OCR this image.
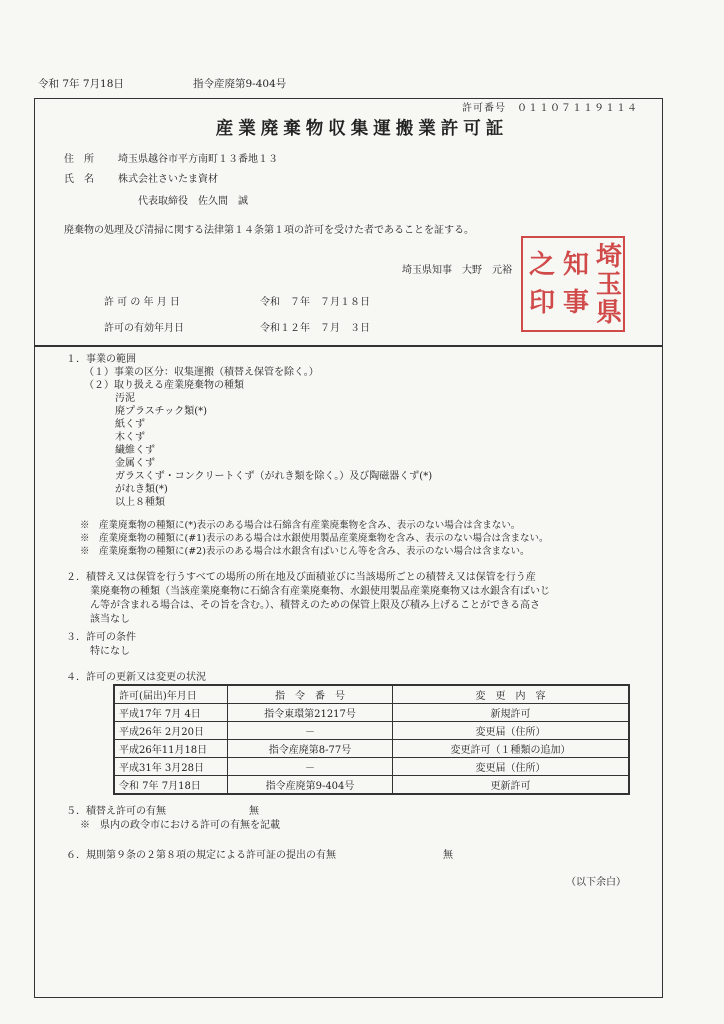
令和 7年 7月18日	指令産廃第9-404号
許可番号　０１１０７１１９１１４
産業廃棄物収集運搬業許可証
住　所 埼玉県越谷市平方南町１３番地１３
氏　名 株式会社さいたま資材
代表取締役　佐久間　誠
廃棄物の処理及び清掃に関する法律第１４条第１項の許可を受けた者であることを証する。
埼玉県知事　大野　元裕	埼
玉
県
知
事
之
印
許 可 の 年 月 日	令和　７年　７月１８日
許可の有効年月日	令和１２年　７月　３日
１．事業の範囲
（１）事業の区分：収集運搬（積替え保管を除く。）
（２）取り扱える産業廃棄物の種類
汚泥
廃プラスチック類(*)
紙くず
木くず
繊維くず
金属くず
ガラスくず・コンクリートくず（がれき類を除く。）及び陶磁器くず(*)
がれき類(*)
以上８種類
※　産業廃棄物の種類に(*)表示のある場合は石綿含有産業廃棄物を含み、表示のない場合は含まない。
※　産業廃棄物の種類に(#1)表示のある場合は水銀使用製品産業廃棄物を含み、表示のない場合は含まない。
※　産業廃棄物の種類に(#2)表示のある場合は水銀含有ばいじん等を含み、表示のない場合は含まない。
２．積替え又は保管を行うすべての場所の所在地及び面積並びに当該場所ごとの積替え又は保管を行う産
業廃棄物の種類（当該産業廃棄物に石綿含有産業廃棄物、水銀使用製品産業廃棄物又は水銀含有ばいじ
ん等が含まれる場合は、その旨を含む。）、積替えのための保管上限及び積み上げることができる高さ
該当なし
３．許可の条件
特になし
４．許可の更新又は変更の状況
許可(届出)年月日	指　令　番　号	変　更　内　容
平成17年 7月 4日	指令東環第21217号	新規許可
平成26年 2月20日	－	変更届（住所）
平成26年11月18日	指令産廃第8-77号	変更許可（１種類の追加）
平成31年 3月28日	－	変更届（住所）
令和 7年 7月18日	指令産廃第9-404号	更新許可
５．積替え許可の有無	無
※　県内の政令市における許可の有無を記載
６．規則第９条の２第８項の規定による許可証の提出の有無	無
（以下余白）
